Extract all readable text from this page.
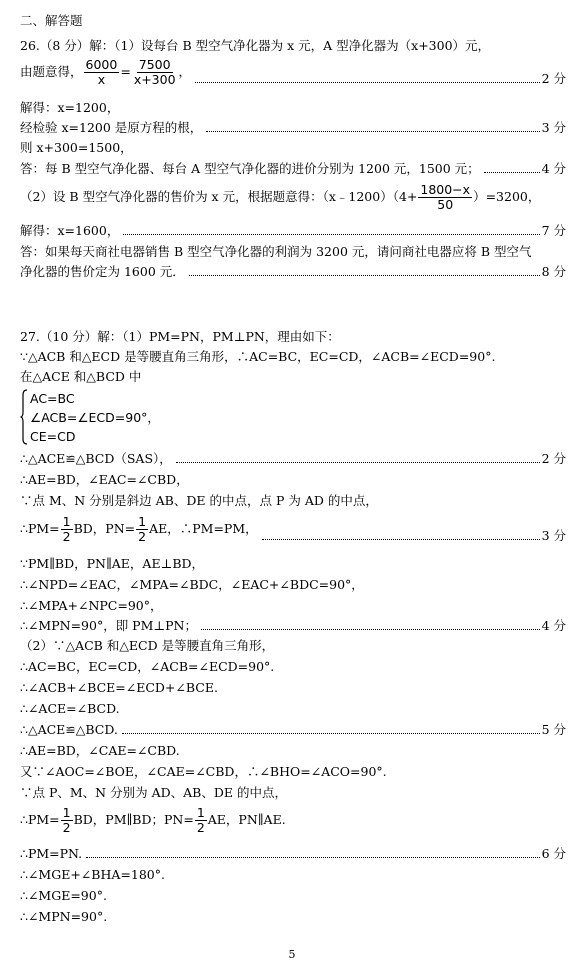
二、解答题
26.（8 分）解：（1）设每台 B 型空气净化器为 x 元，A 型净化器为（x+300）元，
由题意得， $\frac{6000}{x} = \frac{7500}{x+300}$ ，	2 分
解得：x=1200，
经检验 x=1200 是原方程的根，	3 分
则 x+300=1500，
答：每 B 型空气净化器、每台 A 型空气净化器的进价分别为 1200 元，1500 元；	4 分
（2）设 B 型空气净化器的售价为 x 元，根据题意得：（x﹣1200）（4+ $\frac{1800-x}{50} )=3200$，
解得：x=1600，	7 分
答：如果每天商社电器销售 B 型空气净化器的利润为 3200 元，请问商社电器应将 B 型空气
净化器的售价定为 1600 元．	8 分
27.（10 分）解：（1）PM=PN，PM⊥PN，理由如下：
∵△ACB 和△ECD 是等腰直角三角形，∴AC=BC，EC=CD，∠ACB=∠ECD=90°.
在△ACE 和△BCD 中
AC=BC
∠ACB=∠ECD=90°，
CE=CD
∴△ACE≌△BCD（SAS），	2 分
∴AE=BD，∠EAC=∠CBD，
∵点 M、N 分别是斜边 AB、DE 的中点，点 P 为 AD 的中点，
∴PM= $\frac{1}{2}$ BD，$PN= \frac{1}{2}$ AE，∴PM=PM，	3 分
∵PM∥BD，PN∥AE，AE⊥BD，
∴∠NPD=∠EAC，∠MPA=∠BDC，∠EAC+∠BDC=90°，
∴∠MPA+∠NPC=90°，
∴∠MPN=90°，即 PM⊥PN；	4 分
（2）∵△ACB 和△ECD 是等腰直角三角形，
∴AC=BC，EC=CD，∠ACB=∠ECD=90°.
∴∠ACB+∠BCE=∠ECD+∠BCE.
∴∠ACE=∠BCD.
∴△ACE≌△BCD.	5 分
∴AE=BD，∠CAE=∠CBD.
又∵∠AOC=∠BOE，∠CAE=∠CBD，∴∠BHO=∠ACO=90°.
∵点 P、M、N 分别为 AD、AB、DE 的中点，
∴PM= $\frac{1}{2}$ BD，PM∥BD；$PN= \frac{1}{2}$ AE，PN∥AE.
∴PM=PN.	6 分
∴∠MGE+∠BHA=180°.
∴∠MGE=90°.
∴∠MPN=90°.
5
